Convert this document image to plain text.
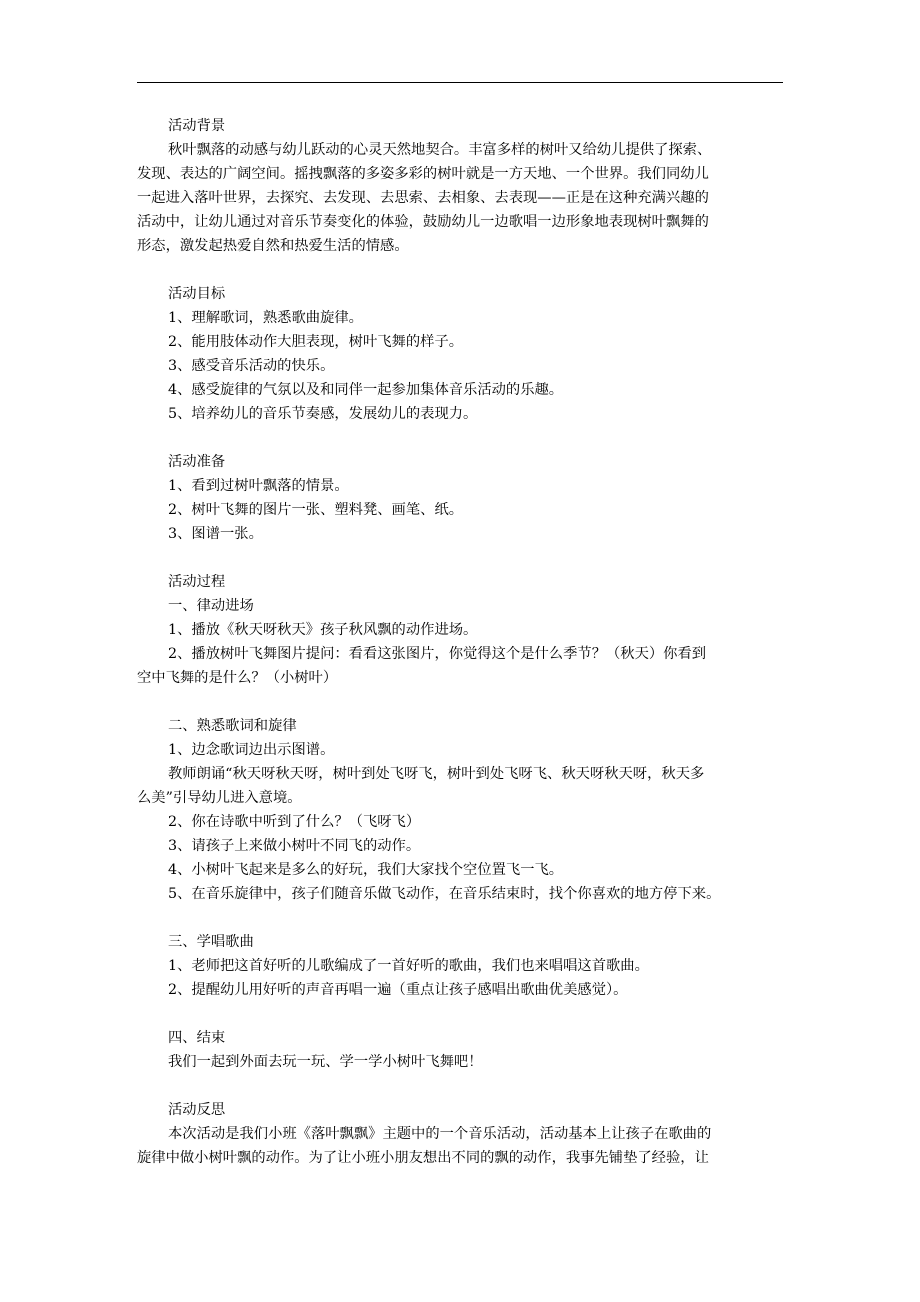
活动背景
秋叶飘落的动感与幼儿跃动的心灵天然地契合。丰富多样的树叶又给幼儿提供了探索、
发现、表达的广阔空间。摇拽飘落的多姿多彩的树叶就是一方天地、一个世界。我们同幼儿
一起进入落叶世界，去探究、去发现、去思索、去相象、去表现——正是在这种充满兴趣的
活动中，让幼儿通过对音乐节奏变化的体验，鼓励幼儿一边歌唱一边形象地表现树叶飘舞的
形态，激发起热爱自然和热爱生活的情感。
活动目标
1、理解歌词，熟悉歌曲旋律。
2、能用肢体动作大胆表现，树叶飞舞的样子。
3、感受音乐活动的快乐。
4、感受旋律的气氛以及和同伴一起参加集体音乐活动的乐趣。
5、培养幼儿的音乐节奏感，发展幼儿的表现力。
活动准备
1、看到过树叶飘落的情景。
2、树叶飞舞的图片一张、塑料凳、画笔、纸。
3、图谱一张。
活动过程
一、律动进场
1、播放《秋天呀秋天》孩子秋风飘的动作进场。
2、播放树叶飞舞图片提问：看看这张图片，你觉得这个是什么季节？（秋天）你看到
空中飞舞的是什么？（小树叶）
二、熟悉歌词和旋律
1、边念歌词边出示图谱。
教师朗诵“秋天呀秋天呀，树叶到处飞呀飞，树叶到处飞呀飞、秋天呀秋天呀，秋天多
么美”引导幼儿进入意境。
2、你在诗歌中听到了什么？（飞呀飞）
3、请孩子上来做小树叶不同飞的动作。
4、小树叶飞起来是多么的好玩，我们大家找个空位置飞一飞。
5、在音乐旋律中，孩子们随音乐做飞动作，在音乐结束时，找个你喜欢的地方停下来。
三、学唱歌曲
1、老师把这首好听的儿歌编成了一首好听的歌曲，我们也来唱唱这首歌曲。
2、提醒幼儿用好听的声音再唱一遍（重点让孩子感唱出歌曲优美感觉）。
四、结束
我们一起到外面去玩一玩、学一学小树叶飞舞吧！
活动反思
本次活动是我们小班《落叶飘飘》主题中的一个音乐活动，活动基本上让孩子在歌曲的
旋律中做小树叶飘的动作。为了让小班小朋友想出不同的飘的动作，我事先铺垫了经验，让
